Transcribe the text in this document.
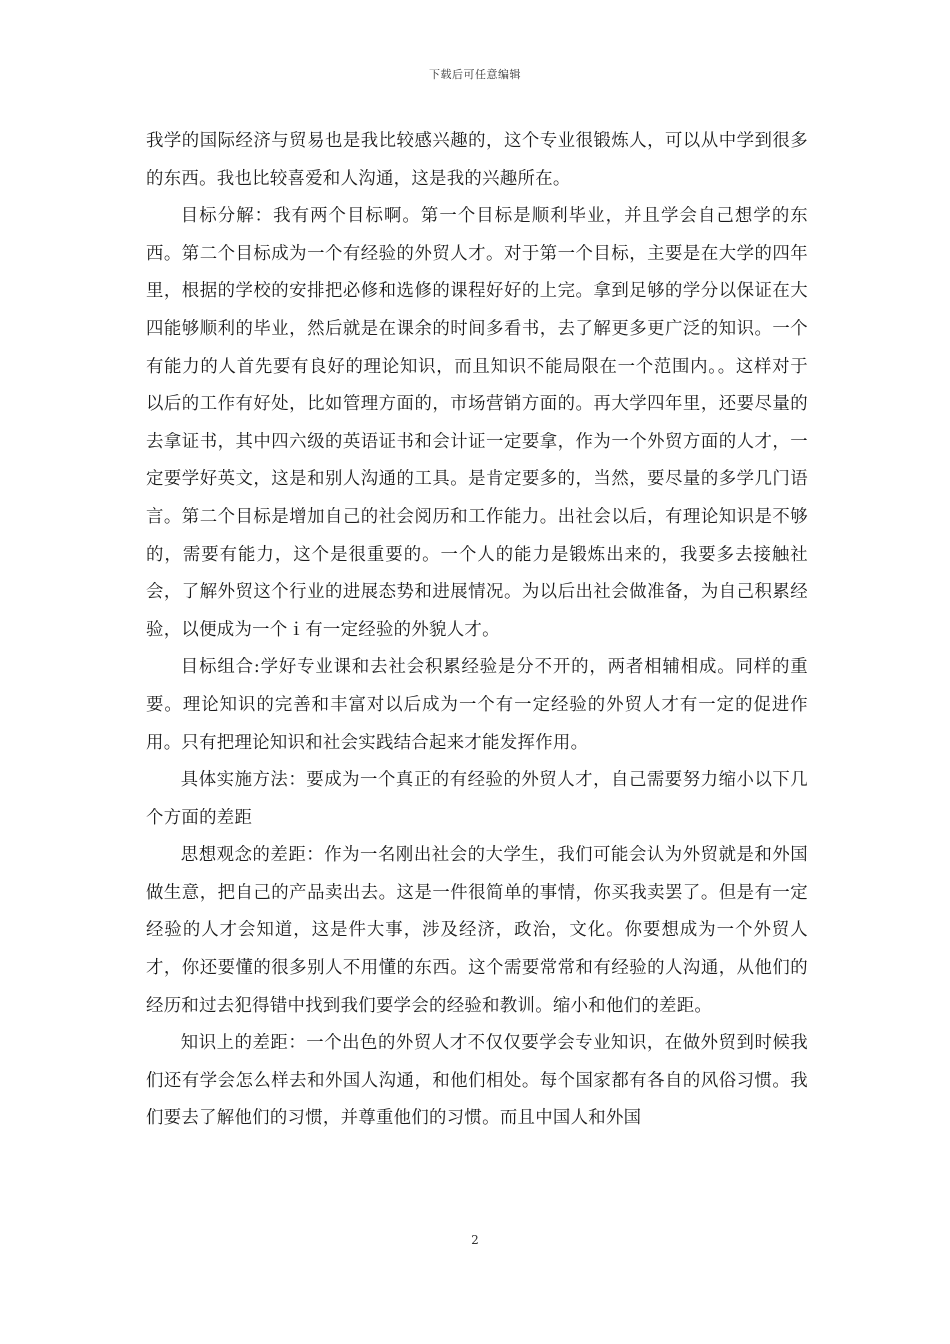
下载后可任意编辑

我学的国际经济与贸易也是我比较感兴趣的，这个专业很锻炼人，可以从中学到很多的东西。我也比较喜爱和人沟通，这是我的兴趣所在。

目标分解：我有两个目标啊。第一个目标是顺利毕业，并且学会自己想学的东西。第二个目标成为一个有经验的外贸人才。对于第一个目标，主要是在大学的四年里，根据的学校的安排把必修和选修的课程好好的上完。拿到足够的学分以保证在大四能够顺利的毕业，然后就是在课余的时间多看书，去了解更多更广泛的知识。一个有能力的人首先要有良好的理论知识，而且知识不能局限在一个范围内。。这样对于以后的工作有好处，比如管理方面的，市场营销方面的。再大学四年里，还要尽量的去拿证书，其中四六级的英语证书和会计证一定要拿，作为一个外贸方面的人才，一定要学好英文，这是和别人沟通的工具。是肯定要多的，当然，要尽量的多学几门语言。第二个目标是增加自己的社会阅历和工作能力。出社会以后，有理论知识是不够的，需要有能力，这个是很重要的。一个人的能力是锻炼出来的，我要多去接触社会，了解外贸这个行业的进展态势和进展情况。为以后出社会做准备，为自己积累经验，以便成为一个ｉ有一定经验的外貌人才。

目标组合:学好专业课和去社会积累经验是分不开的，两者相辅相成。同样的重要。理论知识的完善和丰富对以后成为一个有一定经验的外贸人才有一定的促进作用。只有把理论知识和社会实践结合起来才能发挥作用。

具体实施方法：要成为一个真正的有经验的外贸人才，自己需要努力缩小以下几个方面的差距

思想观念的差距：作为一名刚出社会的大学生，我们可能会认为外贸就是和外国做生意，把自己的产品卖出去。这是一件很简单的事情，你买我卖罢了。但是有一定经验的人才会知道，这是件大事，涉及经济，政治，文化。你要想成为一个外贸人才，你还要懂的很多别人不用懂的东西。这个需要常常和有经验的人沟通，从他们的经历和过去犯得错中找到我们要学会的经验和教训。缩小和他们的差距。

知识上的差距：一个出色的外贸人才不仅仅要学会专业知识，在做外贸到时候我们还有学会怎么样去和外国人沟通，和他们相处。每个国家都有各自的风俗习惯。我们要去了解他们的习惯，并尊重他们的习惯。而且中国人和外国

2
